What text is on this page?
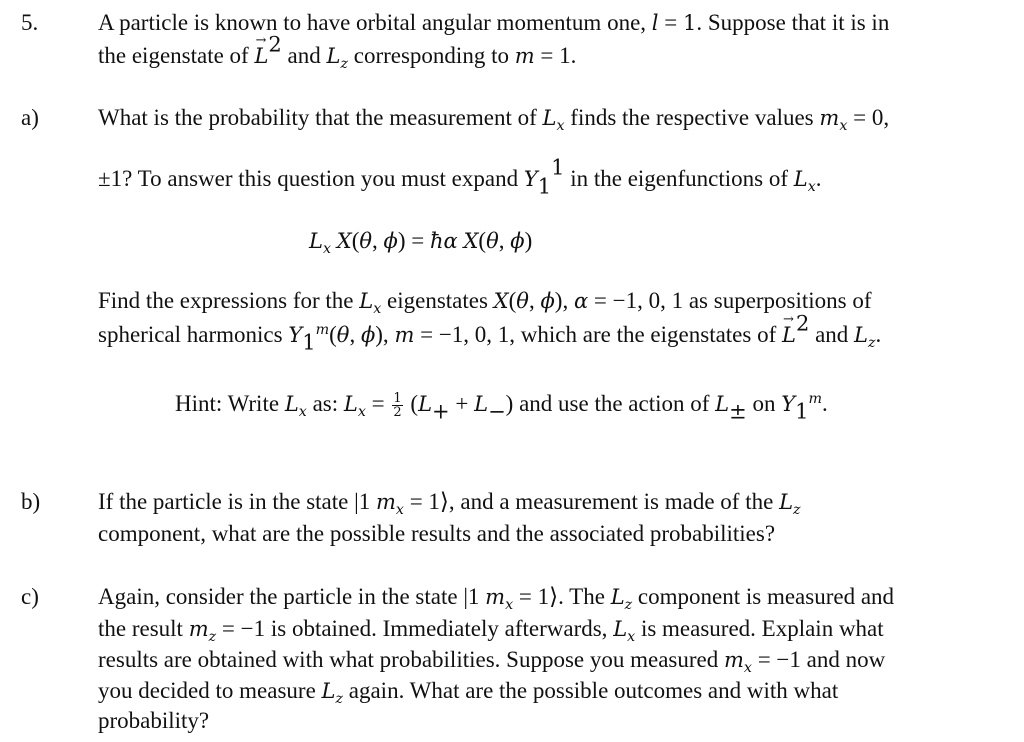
5.	A particle is known to have orbital angular momentum one, l = 1. Suppose that it is in
the eigenstate of → $L^2$ and $L_z$ corresponding to m = 1.
a)	What is the probability that the measurement of $L_x$ finds the respective values $m_x = 0$,
±1? To answer this question you must expand $Y_1^1$ in the eigenfunctions of $L_x$.
$L_x$ X(θ, ϕ) = ħα X(θ, ϕ)
Find the expressions for the $L_x$ eigenstates X(θ, ϕ), α = −1, 0, 1 as superpositions of
spherical harmonics $Y_1^m(\theta$, ϕ), m = −1, 0, 1, which are the eigenstates of → $L^2$ and $L_z$.
Hint: Write $L_x$ as: $L_x = \frac{1}{2} (L_+ + L_-)$ and use the action of $L_\pm$ on $Y_1^m$.
b)	If the particle is in the state |1 $m_x$ = 1⟩, and a measurement is made of the $L_z$
component, what are the possible results and the associated probabilities?
c)	Again, consider the particle in the state |1 $m_x$ = 1⟩. The $L_z$ component is measured and
the result $m_z = -1$ is obtained. Immediately afterwards, $L_x$ is measured. Explain what
results are obtained with what probabilities. Suppose you measured $m_x = -1$ and now
you decided to measure $L_z$ again. What are the possible outcomes and with what
probability?
